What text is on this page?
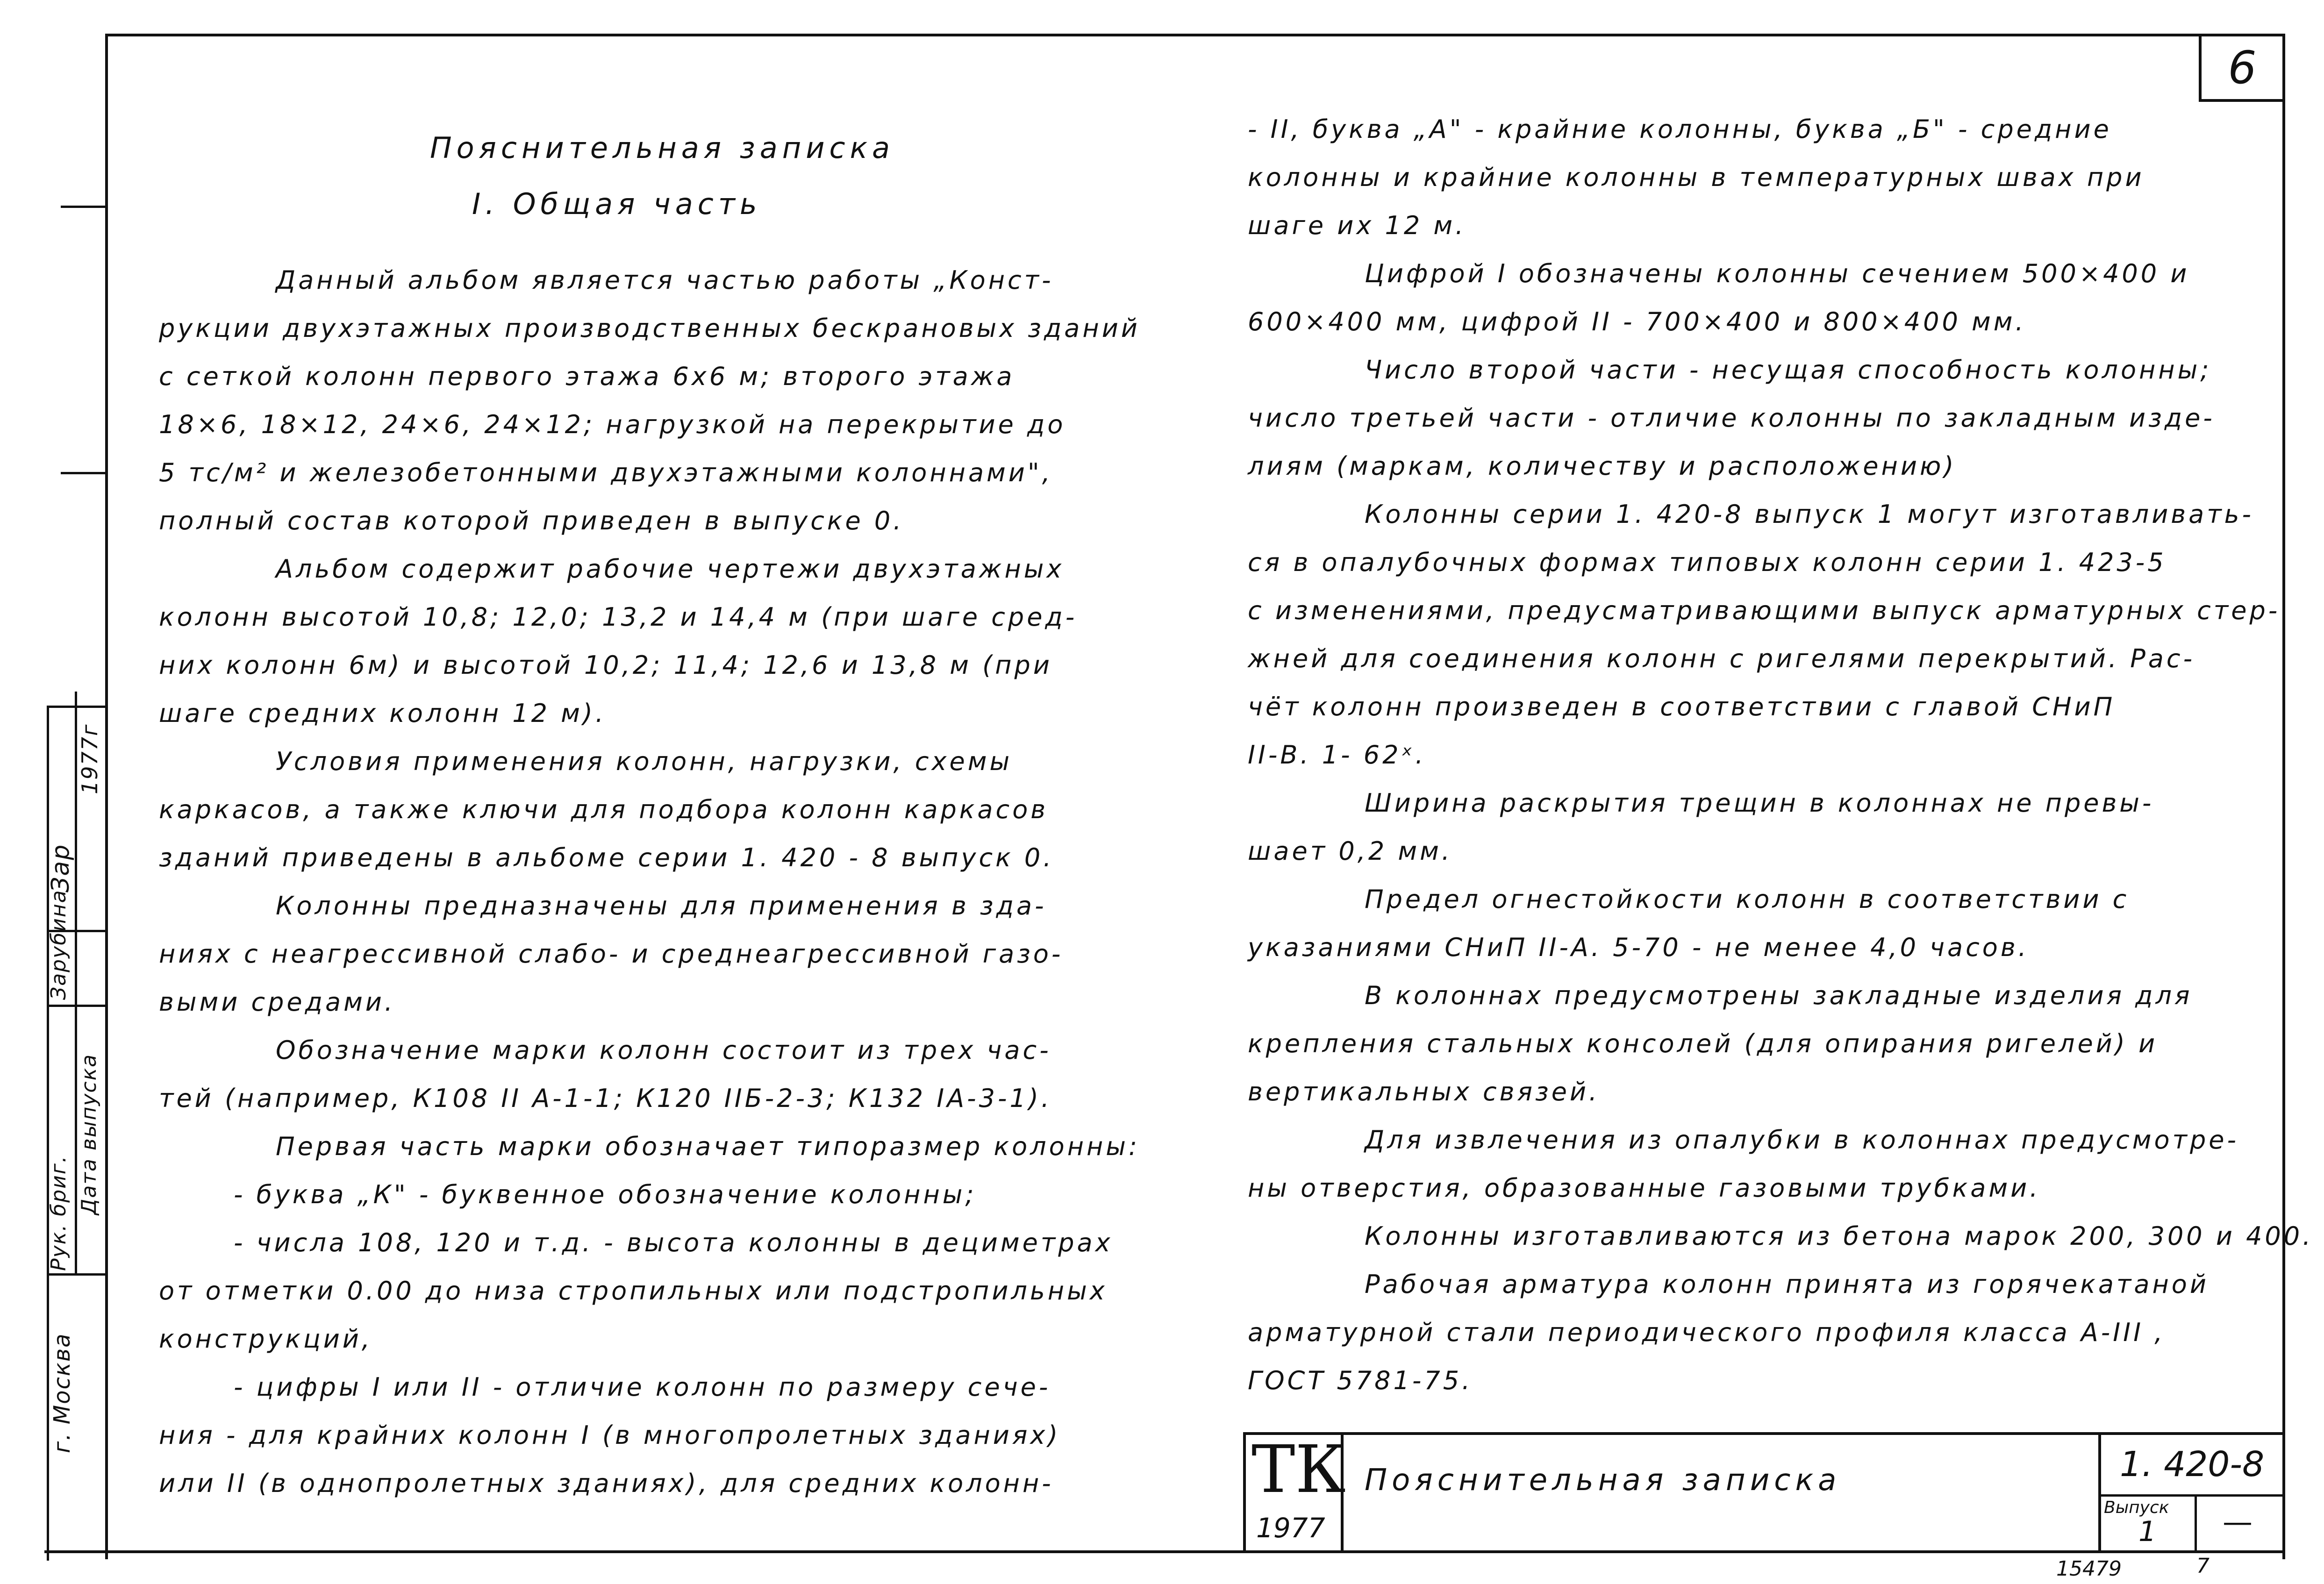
6
Рук. бриг.
Зарубина
Зар
1977г
Дата выпуска
г. Москва
Пояснительная записка
I. Общая часть

Данный альбом является частью работы „Конст-

рукции двухэтажных производственных бескрановых зданий

с сеткой колонн первого этажа 6х6 м; второго этажа

18×6, 18×12, 24×6, 24×12; нагрузкой на перекрытие до

5 тс/м² и железобетонными двухэтажными колоннами",

полный состав которой приведен в выпуске 0.

Альбом содержит рабочие чертежи двухэтажных

колонн высотой 10,8; 12,0; 13,2 и 14,4 м (при шаге сред-

них колонн 6м) и высотой 10,2; 11,4; 12,6 и 13,8 м (при

шаге средних колонн 12 м).

Условия применения колонн, нагрузки, схемы

каркасов, а также ключи для подбора колонн каркасов

зданий приведены в альбоме серии 1. 420 - 8 выпуск 0.

Колонны предназначены для применения в зда-

ниях с неагрессивной слабо- и среднеагрессивной газо-

выми средами.

Обозначение марки колонн состоит из трех час-

тей (например, К108 II А-1-1; К120 IIБ-2-3; К132 IА-3-1).

Первая часть марки обозначает типоразмер колонны:

- буква „К" - буквенное обозначение колонны;

- числа 108, 120 и т.д. - высота колонны в дециметрах

от отметки 0.00 до низа стропильных или подстропильных

конструкций,

- цифры I или II - отличие колонн по размеру сече-

ния - для крайних колонн I (в многопролетных зданиях)

или II (в однопролетных зданиях), для средних колонн-

- II, буква „А" - крайние колонны, буква „Б" - средние

колонны и крайние колонны в температурных швах при

шаге их 12 м.

Цифрой I обозначены колонны сечением 500×400 и

600×400 мм, цифрой II - 700×400 и 800×400 мм.

Число второй части - несущая способность колонны;

число третьей части - отличие колонны по закладным изде-

лиям (маркам, количеству и расположению)

Колонны серии 1. 420-8 выпуск 1 могут изготавливать-

ся в опалубочных формах типовых колонн серии 1. 423-5

с изменениями, предусматривающими выпуск арматурных стер-

жней для соединения колонн с ригелями перекрытий. Рас-

чёт колонн произведен в соответствии с главой СНиП

II-В. 1- 62ˣ.

Ширина раскрытия трещин в колоннах не превы-

шает 0,2 мм.

Предел огнестойкости колонн в соответствии с

указаниями СНиП II-А. 5-70 - не менее 4,0 часов.

В колоннах предусмотрены закладные изделия для

крепления стальных консолей (для опирания ригелей) и

вертикальных связей.

Для извлечения из опалубки в колоннах предусмотре-

ны отверстия, образованные газовыми трубками.

Колонны изготавливаются из бетона марок 200, 300 и 400.

Рабочая арматура колонн принята из горячекатаной

арматурной стали периодического профиля класса А-III ,

ГОСТ 5781-75.

ТК
1977
Пояснительная записка	1. 420-8
Выпуск
1 —
15479	7
